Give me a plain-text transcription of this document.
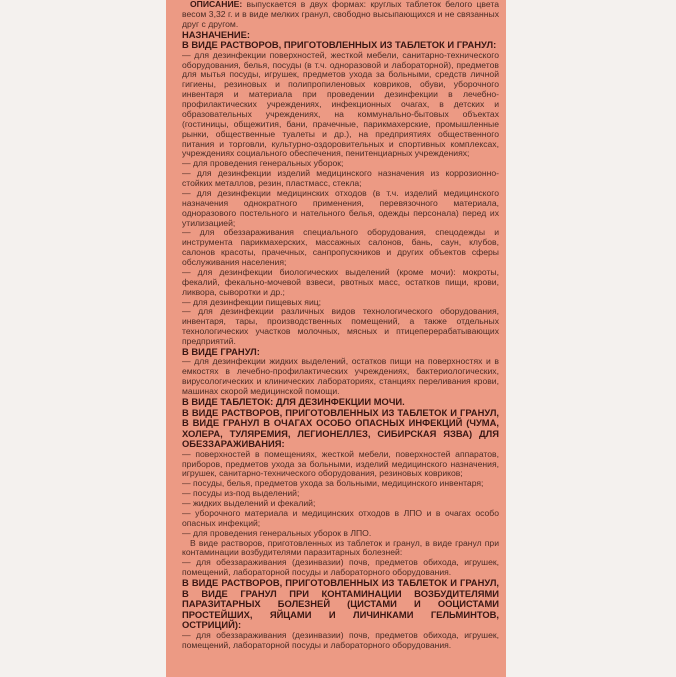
ОПИСАНИЕ: выпускается в двух формах: круглых таблеток белого цвета весом 3,32 г. и в виде мелких гранул, свободно высыпающихся и не связанных друг с другом.

НАЗНАЧЕНИЕ:

В ВИДЕ РАСТВОРОВ, ПРИГОТОВЛЕННЫХ ИЗ ТАБЛЕТОК И ГРАНУЛ:

— для дезинфекции поверхностей, жесткой мебели, санитарно-технического оборудования, белья, посуды (в т.ч. одноразовой и лабораторной), предметов для мытья посуды, игрушек, предметов ухода за больными, средств личной гигиены, резиновых и полипропиленовых ковриков, обуви, уборочного инвентаря и материала при проведении дезинфекции в лечебно-профилактических учреждениях, инфекционных очагах, в детских и образовательных учреждениях, на коммунально-бытовых объектах (гостиницы, общежития, бани, прачечные, парикмахерские, промышленные рынки, общественные туалеты и др.), на предприятиях общественного питания и торговли, культурно-оздоровительных и спортивных комплексах, учреждениях социального обеспечения, пенитенциарных учреждениях;

— для проведения генеральных уборок;

— для дезинфекции изделий медицинского назначения из коррозионно-стойких металлов, резин, пластмасс, стекла;

— для дезинфекции медицинских отходов (в т.ч. изделий медицинского назначения однократного применения, перевязочного материала, одноразового постельного и нательного белья, одежды персонала) перед их утилизацией;

— для обеззараживания специального оборудования, спецодежды и инструмента парикмахерских, массажных салонов, бань, саун, клубов, салонов красоты, прачечных, санпропускников и других объектов сферы обслуживания населения;

— для дезинфекции биологических выделений (кроме мочи): мокроты, фекалий, фекально-мочевой взвеси, рвотных масс, остатков пищи, крови, ликвора, сыворотки и др.;

— для дезинфекции пищевых яиц;

— для дезинфекции различных видов технологического оборудования, инвентаря, тары, производственных помещений, а также отдельных технологических участков молочных, мясных и птицеперерабатывающих предприятий.

В ВИДЕ ГРАНУЛ:

— для дезинфекции жидких выделений, остатков пищи на поверхностях и в емкостях в лечебно-профилактических учреждениях, бактериологических, вирусологических и клинических лабораториях, станциях переливания крови, машинах скорой медицинской помощи.

В ВИДЕ ТАБЛЕТОК: ДЛЯ ДЕЗИНФЕКЦИИ МОЧИ.

В ВИДЕ РАСТВОРОВ, ПРИГОТОВЛЕННЫХ ИЗ ТАБЛЕТОК И ГРАНУЛ, В ВИДЕ ГРАНУЛ В ОЧАГАХ ОСОБО ОПАСНЫХ ИНФЕКЦИЙ (ЧУМА, ХОЛЕРА, ТУЛЯРЕМИЯ, ЛЕГИОНЕЛЛЕЗ, СИБИРСКАЯ ЯЗВА) ДЛЯ ОБЕЗЗАРАЖИВАНИЯ:

— поверхностей в помещениях, жесткой мебели, поверхностей аппаратов, приборов, предметов ухода за больными, изделий медицинского назначения, игрушек, санитарно-технического оборудования, резиновых ковриков;

— посуды, белья, предметов ухода за больными, медицинского инвентаря;

— посуды из-под выделений;

— жидких выделений и фекалий;

— уборочного материала и медицинских отходов в ЛПО и в очагах особо опасных инфекций;

— для проведения генеральных уборок в ЛПО.

В виде растворов, приготовленных из таблеток и гранул, в виде гранул при контаминации возбудителями паразитарных болезней:

— для обеззараживания (дезинвазии) почв, предметов обихода, игрушек, помещений, лабораторной посуды и лабораторного оборудования.

В ВИДЕ РАСТВОРОВ, ПРИГОТОВЛЕННЫХ ИЗ ТАБЛЕТОК И ГРАНУЛ, В ВИДЕ ГРАНУЛ ПРИ КОНТАМИНАЦИИ ВОЗБУДИТЕЛЯМИ ПАРАЗИТАРНЫХ БОЛЕЗНЕЙ (ЦИСТАМИ И ООЦИСТАМИ ПРОСТЕЙШИХ, ЯЙЦАМИ И ЛИЧИНКАМИ ГЕЛЬМИНТОВ, ОСТРИЦИЙ):

— для обеззараживания (дезинвазии) почв, предметов обихода, игрушек, помещений, лабораторной посуды и лабораторного оборудования.
